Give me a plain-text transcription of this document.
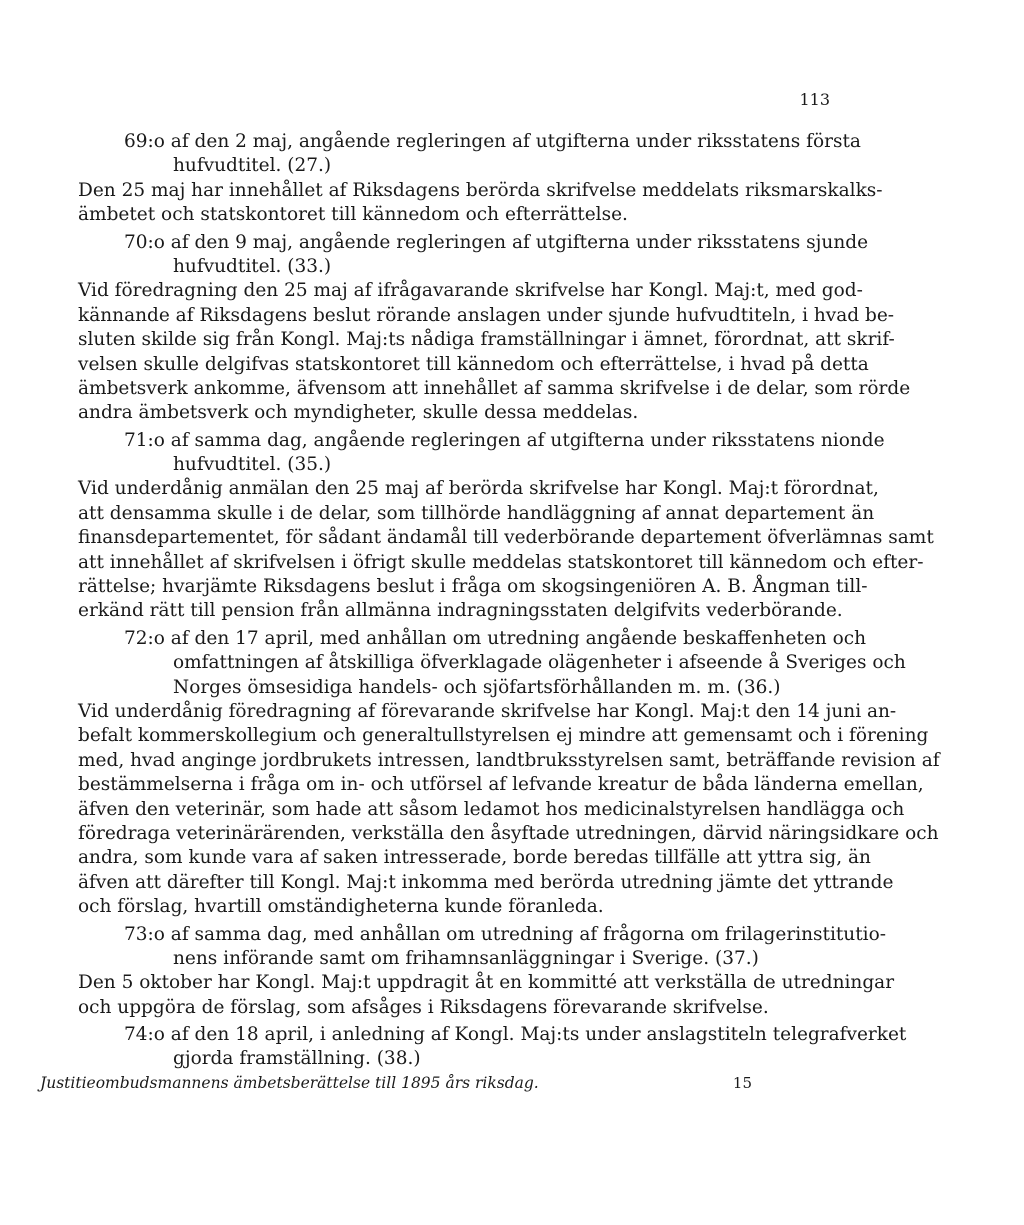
113
69:o af den 2 maj, angående regleringen af utgifterna under riksstatens första
hufvudtitel. (27.)
Den 25 maj har innehållet af Riksdagens berörda skrifvelse meddelats riksmarskalks-
ämbetet och statskontoret till kännedom och efterrättelse.
70:o af den 9 maj, angående regleringen af utgifterna under riksstatens sjunde
hufvudtitel. (33.)
Vid föredragning den 25 maj af ifrågavarande skrifvelse har Kongl. Maj:t, med god-
kännande af Riksdagens beslut rörande anslagen under sjunde hufvudtiteln, i hvad be-
sluten skilde sig från Kongl. Maj:ts nådiga framställningar i ämnet, förordnat, att skrif-
velsen skulle delgifvas statskontoret till kännedom och efterrättelse, i hvad på detta
ämbetsverk ankomme, äfvensom att innehållet af samma skrifvelse i de delar, som rörde
andra ämbetsverk och myndigheter, skulle dessa meddelas.
71:o af samma dag, angående regleringen af utgifterna under riksstatens nionde
hufvudtitel. (35.)
Vid underdånig anmälan den 25 maj af berörda skrifvelse har Kongl. Maj:t förordnat,
att densamma skulle i de delar, som tillhörde handläggning af annat departement än
finansdepartementet, för sådant ändamål till vederbörande departement öfverlämnas samt
att innehållet af skrifvelsen i öfrigt skulle meddelas statskontoret till kännedom och efter-
rättelse; hvarjämte Riksdagens beslut i fråga om skogsingeniören A. B. Ångman till-
erkänd rätt till pension från allmänna indragningsstaten delgifvits vederbörande.
72:o af den 17 april, med anhållan om utredning angående beskaffenheten och
omfattningen af åtskilliga öfverklagade olägenheter i afseende å Sveriges och
Norges ömsesidiga handels- och sjöfartsförhållanden m. m. (36.)
Vid underdånig föredragning af förevarande skrifvelse har Kongl. Maj:t den 14 juni an-
befalt kommerskollegium och generaltullstyrelsen ej mindre att gemensamt och i förening
med, hvad anginge jordbrukets intressen, landtbruksstyrelsen samt, beträffande revision af
bestämmelserna i fråga om in- och utförsel af lefvande kreatur de båda länderna emellan,
äfven den veterinär, som hade att såsom ledamot hos medicinalstyrelsen handlägga och
föredraga veterinärärenden, verkställa den åsyftade utredningen, därvid näringsidkare och
andra, som kunde vara af saken intresserade, borde beredas tillfälle att yttra sig, än
äfven att därefter till Kongl. Maj:t inkomma med berörda utredning jämte det yttrande
och förslag, hvartill omständigheterna kunde föranleda.
73:o af samma dag, med anhållan om utredning af frågorna om frilagerinstitutio-
nens införande samt om frihamnsanläggningar i Sverige. (37.)
Den 5 oktober har Kongl. Maj:t uppdragit åt en kommitté att verkställa de utredningar
och uppgöra de förslag, som afsåges i Riksdagens förevarande skrifvelse.
74:o af den 18 april, i anledning af Kongl. Maj:ts under anslagstiteln telegrafverket
gjorda framställning. (38.)
Justitieombudsmannens ämbetsberättelse till 1895 års riksdag.	15
